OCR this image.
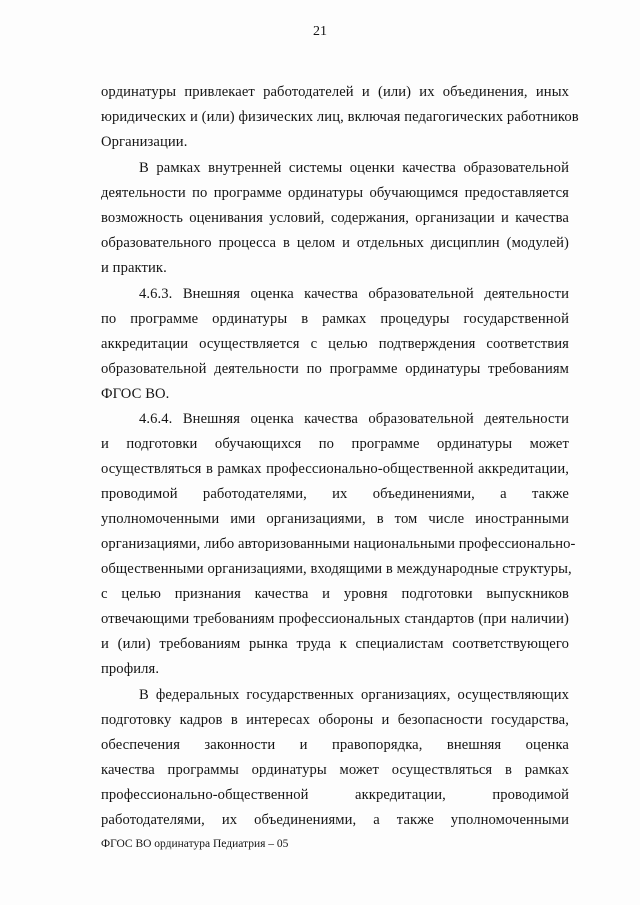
21
ординатуры привлекает работодателей и (или) их объединения, иных
юридических и (или) физических лиц, включая педагогических работников
Организации.
В рамках внутренней системы оценки качества образовательной
деятельности по программе ординатуры обучающимся предоставляется
возможность оценивания условий, содержания, организации и качества
образовательного процесса в целом и отдельных дисциплин (модулей)
и практик.
4.6.3. Внешняя оценка качества образовательной деятельности
по программе ординатуры в рамках процедуры государственной
аккредитации осуществляется с целью подтверждения соответствия
образовательной деятельности по программе ординатуры требованиям
ФГОС ВО.
4.6.4. Внешняя оценка качества образовательной деятельности
и подготовки обучающихся по программе ординатуры может
осуществляться в рамках профессионально-общественной аккредитации,
проводимой работодателями, их объединениями, а также
уполномоченными ими организациями, в том числе иностранными
организациями, либо авторизованными национальными профессионально-
общественными организациями, входящими в международные структуры,
с целью признания качества и уровня подготовки выпускников
отвечающими требованиям профессиональных стандартов (при наличии)
и (или) требованиям рынка труда к специалистам соответствующего
профиля.
В федеральных государственных организациях, осуществляющих
подготовку кадров в интересах обороны и безопасности государства,
обеспечения законности и правопорядка, внешняя оценка
качества программы ординатуры может осуществляться в рамках
профессионально-общественной аккредитации, проводимой
работодателями, их объединениями, а также уполномоченными
ФГОС ВО ординатура Педиатрия – 05
